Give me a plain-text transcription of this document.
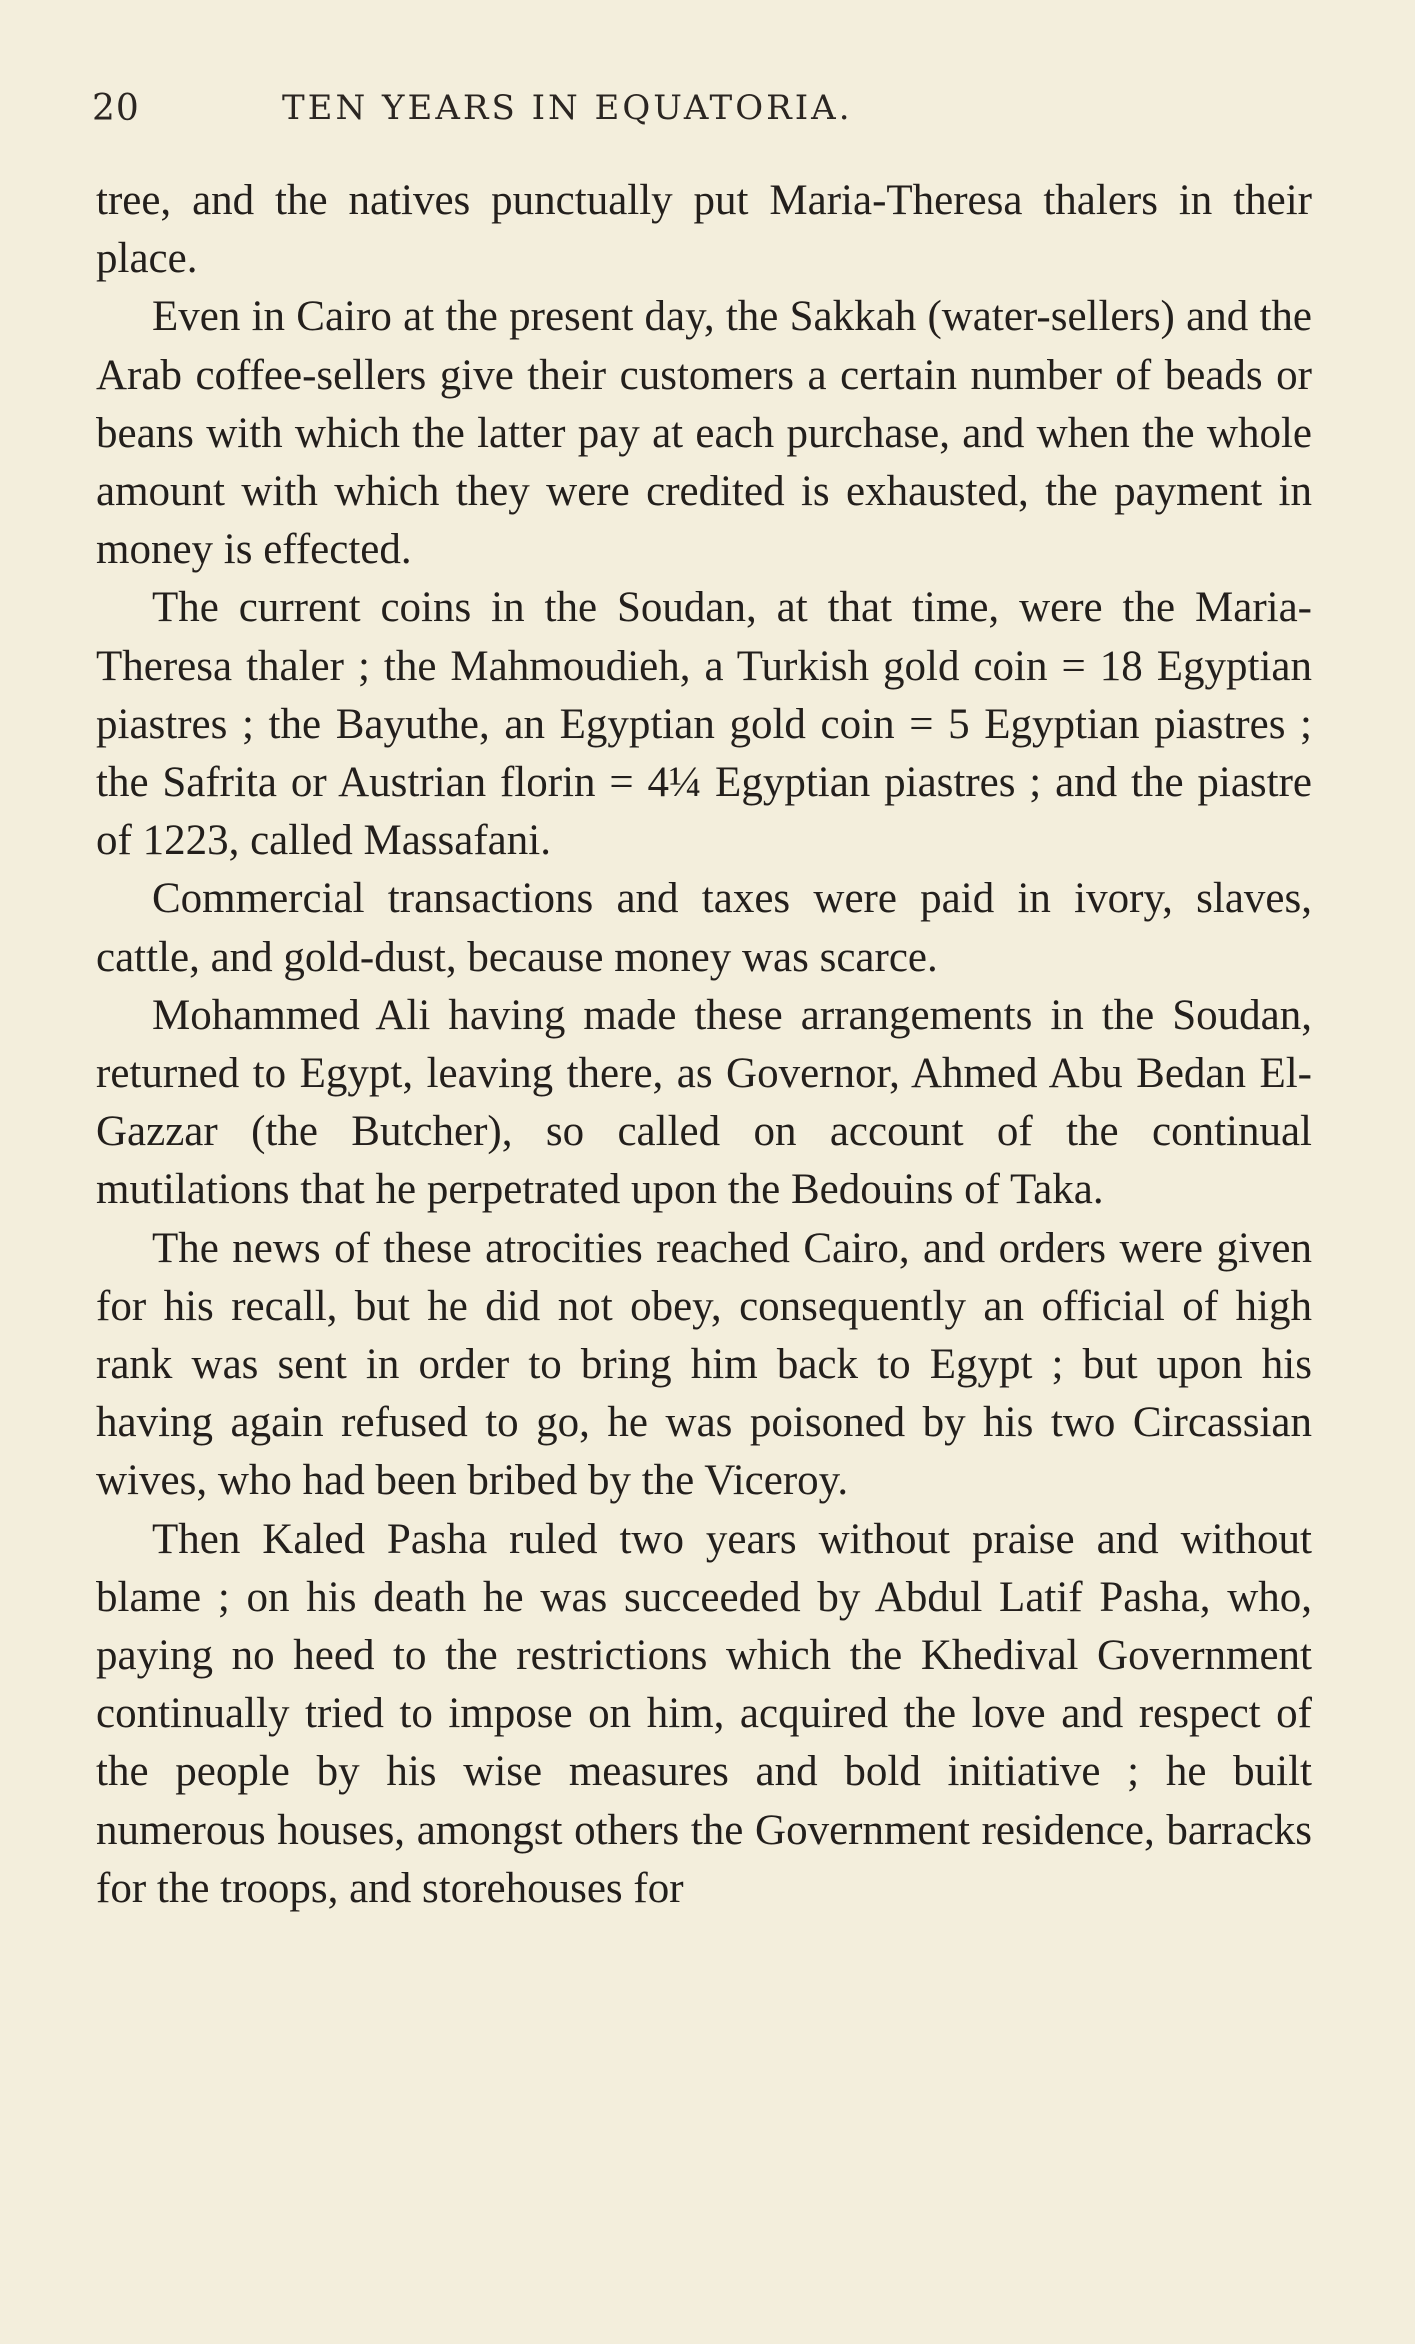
20	TEN YEARS IN EQUATORIA.

tree, and the natives punctually put Maria-Theresa thalers in their place.

Even in Cairo at the present day, the Sakkah (water-sellers) and the Arab coffee-sellers give their customers a certain number of beads or beans with which the latter pay at each purchase, and when the whole amount with which they were credited is exhausted, the payment in money is effected.

The current coins in the Soudan, at that time, were the Maria-Theresa thaler ; the Mahmoudieh, a Turkish gold coin = 18 Egyptian piastres ; the Bayuthe, an Egyptian gold coin = 5 Egyptian piastres ; the Safrita or Austrian florin = 4¼ Egyptian piastres ; and the piastre of 1223, called Massafani.

Commercial transactions and taxes were paid in ivory, slaves, cattle, and gold-dust, because money was scarce.

Mohammed Ali having made these arrangements in the Soudan, returned to Egypt, leaving there, as Governor, Ahmed Abu Bedan El-Gazzar (the Butcher), so called on account of the continual mutilations that he perpetrated upon the Bedouins of Taka.

The news of these atrocities reached Cairo, and orders were given for his recall, but he did not obey, consequently an official of high rank was sent in order to bring him back to Egypt ; but upon his having again refused to go, he was poisoned by his two Circassian wives, who had been bribed by the Viceroy.

Then Kaled Pasha ruled two years without praise and without blame ; on his death he was succeeded by Abdul Latif Pasha, who, paying no heed to the restrictions which the Khedival Government continually tried to impose on him, acquired the love and respect of the people by his wise measures and bold initiative ; he built numerous houses, amongst others the Government residence, barracks for the troops, and storehouses for
